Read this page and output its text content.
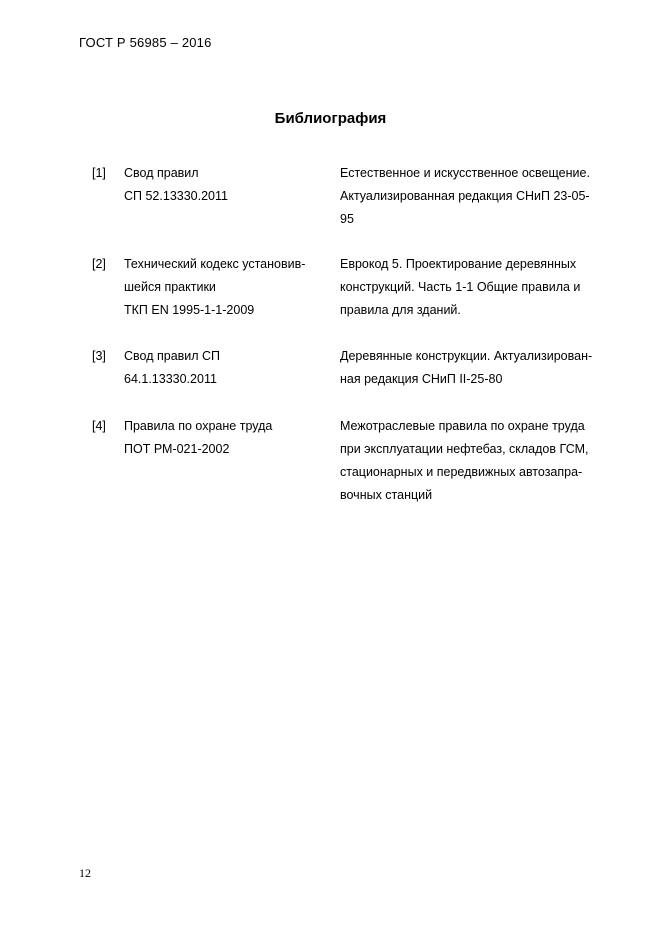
ГОСТ Р 56985 – 2016
Библиография
[1] Свод правил
СП 52.13330.2011
Естественное и искусственное освещение.
Актуализированная редакция СНиП 23-05-
95
[2] Технический кодекс установив-
шейся практики
ТКП EN 1995-1-1-2009
Еврокод 5. Проектирование деревянных
конструкций. Часть 1-1 Общие правила и
правила для зданий.
[3] Свод правил СП
64.1.13330.2011
Деревянные конструкции. Актуализирован-
ная редакция СНиП II-25-80
[4] Правила по охране труда
ПОТ РМ-021-2002
Межотраслевые правила по охране труда
при эксплуатации нефтебаз, складов ГСМ,
стационарных и передвижных автозапра-
вочных станций
12
